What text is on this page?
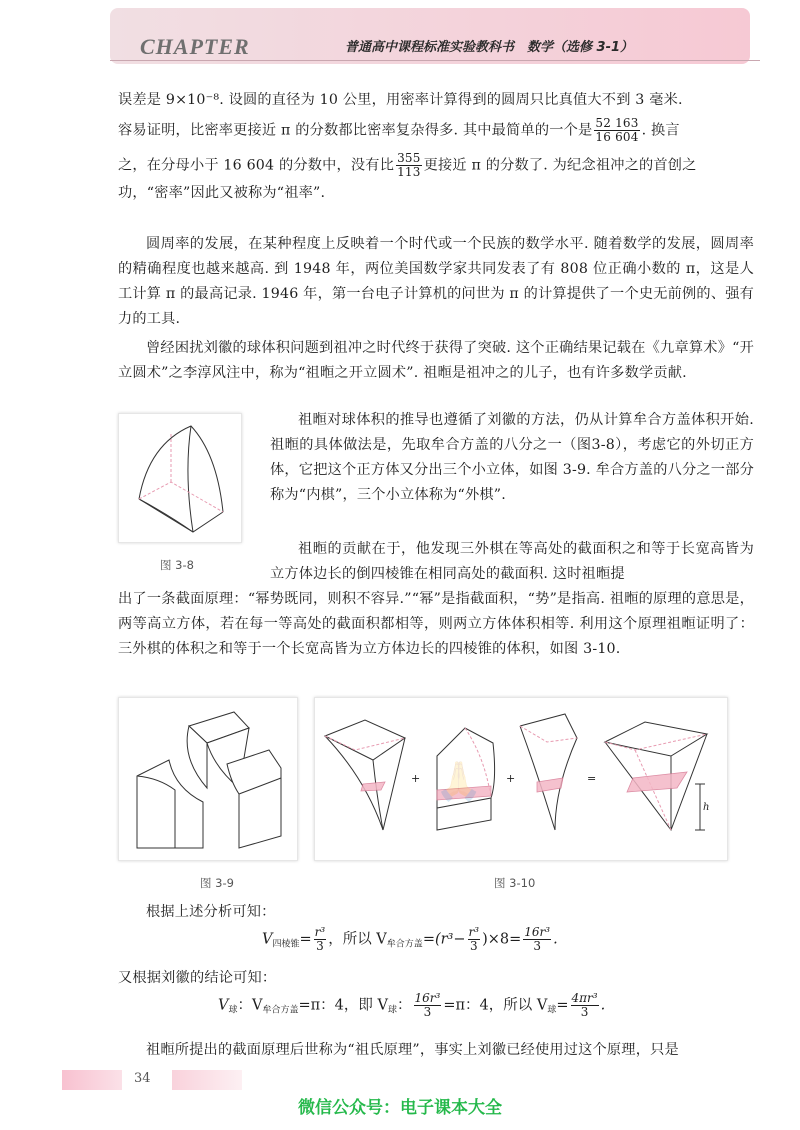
CHAPTER	普通高中课程标准实验教科书　数学（选修 3-1）
误差是 9×10⁻⁸. 设圆的直径为 10 公里，用密率计算得到的圆周只比真值大不到 3 毫米.
容易证明，比密率更接近 π 的分数都比密率复杂得多. 其中最简单的一个是 $\frac{52 163}{16 604}$ . 换言
之，在分母小于 16 604 的分数中，没有比 $\frac{355}{113}$ 更接近 π 的分数了. 为纪念祖冲之的首创之
功，“密率”因此又被称为“祖率”.
圆周率的发展，在某种程度上反映着一个时代或一个民族的数学水平. 随着数学的发展，圆周率的精确程度也越来越高. 到 1948 年，两位美国数学家共同发表了有 808 位正确小数的 π，这是人工计算 π 的最高记录. 1946 年，第一台电子计算机的问世为 π 的计算提供了一个史无前例的、强有力的工具.
曾经困扰刘徽的球体积问题到祖冲之时代终于获得了突破. 这个正确结果记载在《九章算术》“开立圆术”之李淳风注中，称为“祖暅之开立圆术”. 祖暅是祖冲之的儿子，也有许多数学贡献.
图 3-8
祖暅对球体积的推导也遵循了刘徽的方法，仍从计算牟合方盖体积开始. 祖暅的具体做法是，先取牟合方盖的八分之一（图3-8），考虑它的外切正方体，它把这个正方体又分出三个小立体，如图 3-9. 牟合方盖的八分之一部分称为“内棋”，三个小立体称为“外棋”.
祖暅的贡献在于，他发现三外棋在等高处的截面积之和等于长宽高皆为立方体边长的倒四棱锥在相同高处的截面积. 这时祖暅提
出了一条截面原理：“幂势既同，则积不容异.”“幂”是指截面积，“势”是指高. 祖暅的原理的意思是，两等高立方体，若在每一等高处的截面积都相等，则两立方体体积相等. 利用这个原理祖暅证明了：三外棋的体积之和等于一个长宽高皆为立方体边长的四棱锥的体积，如图 3-10.
图 3-9
🙏
+	+	=
h
图 3-10
根据上述分析可知：
$V_{四棱锥}= \frac{\text{r³}}{3}$ ，所以 $V_{牟合方盖}=(r^3- \frac{\text{r³}}{3} )\times 8= \frac{\text{16r³}}{3}$ .
又根据刘徽的结论可知：
$V_球$：$V_{牟合方盖}=\pi$：4，即 $V_球$： $\frac{\text{16r³}}{3} =\pi$：4，所以 $V_球= \frac{\text{4πr³}}{3}$ .
祖暅所提出的截面原理后世称为“祖氏原理”，事实上刘徽已经使用过这个原理，只是
34
微信公众号：电子课本大全
